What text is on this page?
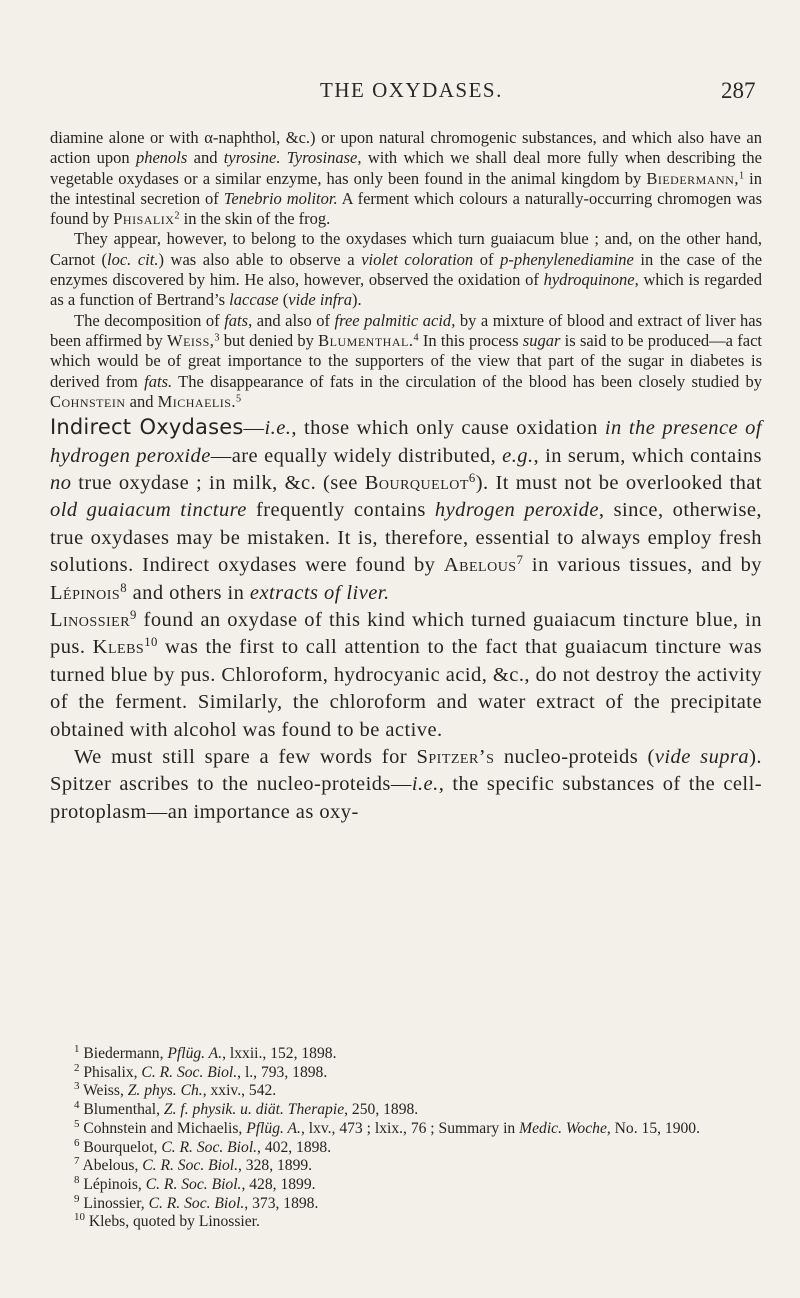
THE OXYDASES.	287

diamine alone or with α-naphthol, &c.) or upon natural chromogenic substances, and which also have an action upon phenols and tyrosine. Tyrosinase, with which we shall deal more fully when describing the vegetable oxydases or a similar enzyme, has only been found in the animal kingdom by Biedermann,$^1$ in the intestinal secretion of Tenebrio molitor. A ferment which colours a naturally-occurring chromogen was found by Phisalix$^2$ in the skin of the frog.

They appear, however, to belong to the oxydases which turn guaiacum blue ; and, on the other hand, Carnot (loc. cit.) was also able to observe a violet coloration of p-phenylenediamine in the case of the enzymes discovered by him. He also, however, observed the oxidation of hydroquinone, which is regarded as a function of Bertrand’s laccase (vide infra).

The decomposition of fats, and also of free palmitic acid, by a mixture of blood and extract of liver has been affirmed by Weiss,$^3$ but denied by Blumenthal.$^4$ In this process sugar is said to be produced—a fact which would be of great importance to the supporters of the view that part of the sugar in diabetes is derived from fats. The disappearance of fats in the circulation of the blood has been closely studied by Cohnstein and Michaelis.$^5$

Indirect Oxydases—i.e., those which only cause oxidation in the presence of hydrogen peroxide—are equally widely distributed, e.g., in serum, which contains no true oxydase ; in milk, &c. (see Bourquelot$^6$). It must not be overlooked that old guaiacum tincture frequently contains hydrogen peroxide, since, otherwise, true oxydases may be mistaken. It is, therefore, essential to always employ fresh solutions. Indirect oxydases were found by Abelous$^7$ in various tissues, and by Lépinois$^8$ and others in extracts of liver.

Linossier$^9$ found an oxydase of this kind which turned guaiacum tincture blue, in pus. Klebs$^{10}$ was the first to call attention to the fact that guaiacum tincture was turned blue by pus. Chloroform, hydrocyanic acid, &c., do not destroy the activity of the ferment. Similarly, the chloroform and water extract of the precipitate obtained with alcohol was found to be active.

We must still spare a few words for Spitzer’s nucleo-proteids (vide supra). Spitzer ascribes to the nucleo-proteids—i.e., the specific substances of the cell-protoplasm—an importance as oxy-

$^1$ Biedermann, Pflüg. A., lxxii., 152, 1898.

$^2$ Phisalix, C. R. Soc. Biol., l., 793, 1898.

$^3$ Weiss, Z. phys. Ch., xxiv., 542.

$^4$ Blumenthal, Z. f. physik. u. diät. Therapie, 250, 1898.

$^5$ Cohnstein and Michaelis, Pflüg. A., lxv., 473 ; lxix., 76 ; Summary in Medic. Woche, No. 15, 1900.

$^6$ Bourquelot, C. R. Soc. Biol., 402, 1898.

$^7$ Abelous, C. R. Soc. Biol., 328, 1899.

$^8$ Lépinois, C. R. Soc. Biol., 428, 1899.

$^9$ Linossier, C. R. Soc. Biol., 373, 1898.

$^{10}$ Klebs, quoted by Linossier.
